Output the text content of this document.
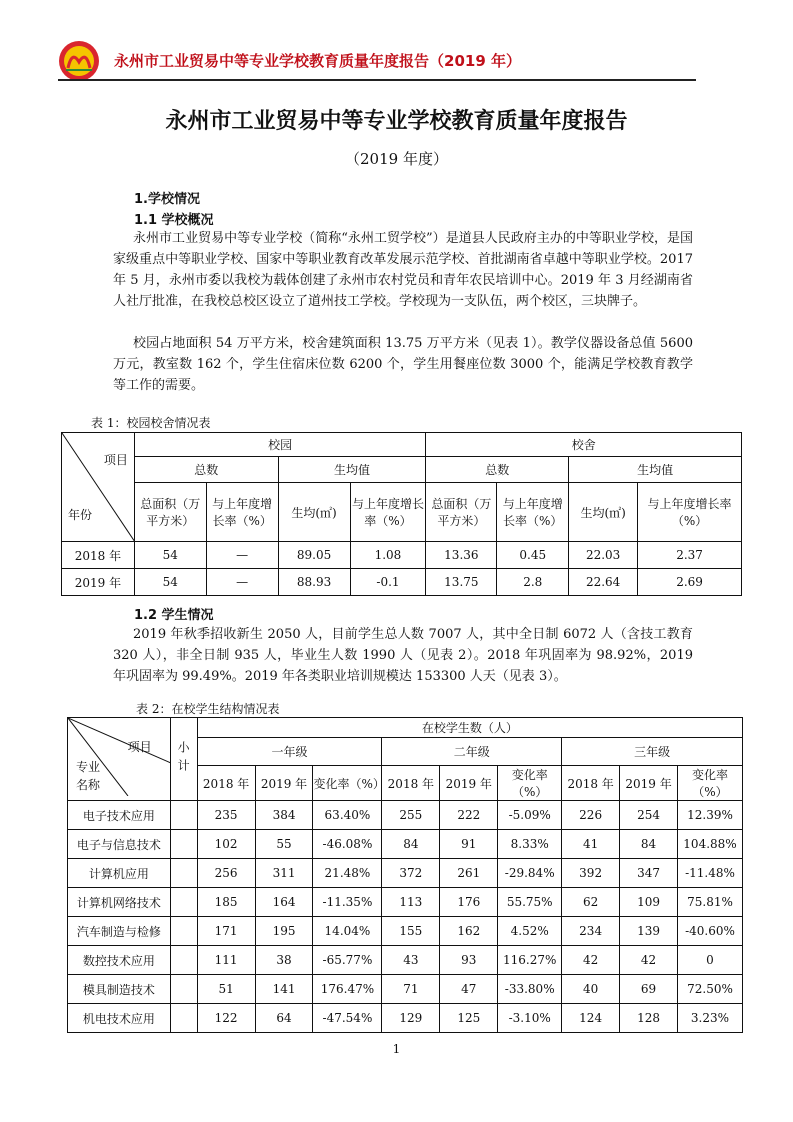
永州市工业贸易中等专业学校教育质量年度报告（2019 年）
永州市工业贸易中等专业学校教育质量年度报告
（2019 年度）
1.学校情况
1.1 学校概况
永州市工业贸易中等专业学校（简称“永州工贸学校”）是道县人民政府主办的中等职业学校，是国家级重点中等职业学校、国家中等职业教育改革发展示范学校、首批湖南省卓越中等职业学校。2017 年 5 月，永州市委以我校为载体创建了永州市农村党员和青年农民培训中心。2019 年 3 月经湖南省人社厅批准，在我校总校区设立了道州技工学校。学校现为一支队伍，两个校区，三块牌子。
校园占地面积 54 万平方米，校舍建筑面积 13.75 万平方米（见表 1）。教学仪器设备总值 5600 万元，教室数 162 个，学生住宿床位数 6200 个，学生用餐座位数 3000 个，能满足学校教育教学等工作的需要。
表 1：校园校舍情况表
项目
年份	校园				校舍			
	总数		生均值		总数		生均值	
	总面积（万平方米）	与上年度增长率（%）	生均(㎡)	与上年度增长率（%）	总面积（万平方米）	与上年度增长率（%）	生均(㎡)	与上年度增长率（%）
2018 年	54	—	89.05	1.08	13.36	0.45	22.03	2.37
2019 年	54	—	88.93	-0.1	13.75	2.8	22.64	2.69
1.2 学生情况
2019 年秋季招收新生 2050 人，目前学生总人数 7007 人，其中全日制 6072 人（含技工教育 320 人），非全日制 935 人，毕业生人数 1990 人（见表 2）。2018 年巩固率为 98.92%，2019 年巩固率为 99.49%。2019 年各类职业培训规模达 153300 人天（见表 3）。
表 2：在校学生结构情况表
项目
专业
名称	小计	在校学生数（人）								
		一年级			二年级			三年级		
		2018 年	2019 年	变化率（%）	2018 年	2019 年	变化率（%）	2018 年	2019 年	变化率（%）
电子技术应用		235	384	63.40%	255	222	-5.09%	226	254	12.39%
电子与信息技术		102	55	-46.08%	84	91	8.33%	41	84	104.88%
计算机应用		256	311	21.48%	372	261	-29.84%	392	347	-11.48%
计算机网络技术		185	164	-11.35%	113	176	55.75%	62	109	75.81%
汽车制造与检修		171	195	14.04%	155	162	4.52%	234	139	-40.60%
数控技术应用		111	38	-65.77%	43	93	116.27%	42	42	0
模具制造技术		51	141	176.47%	71	47	-33.80%	40	69	72.50%
机电技术应用		122	64	-47.54%	129	125	-3.10%	124	128	3.23%
1
